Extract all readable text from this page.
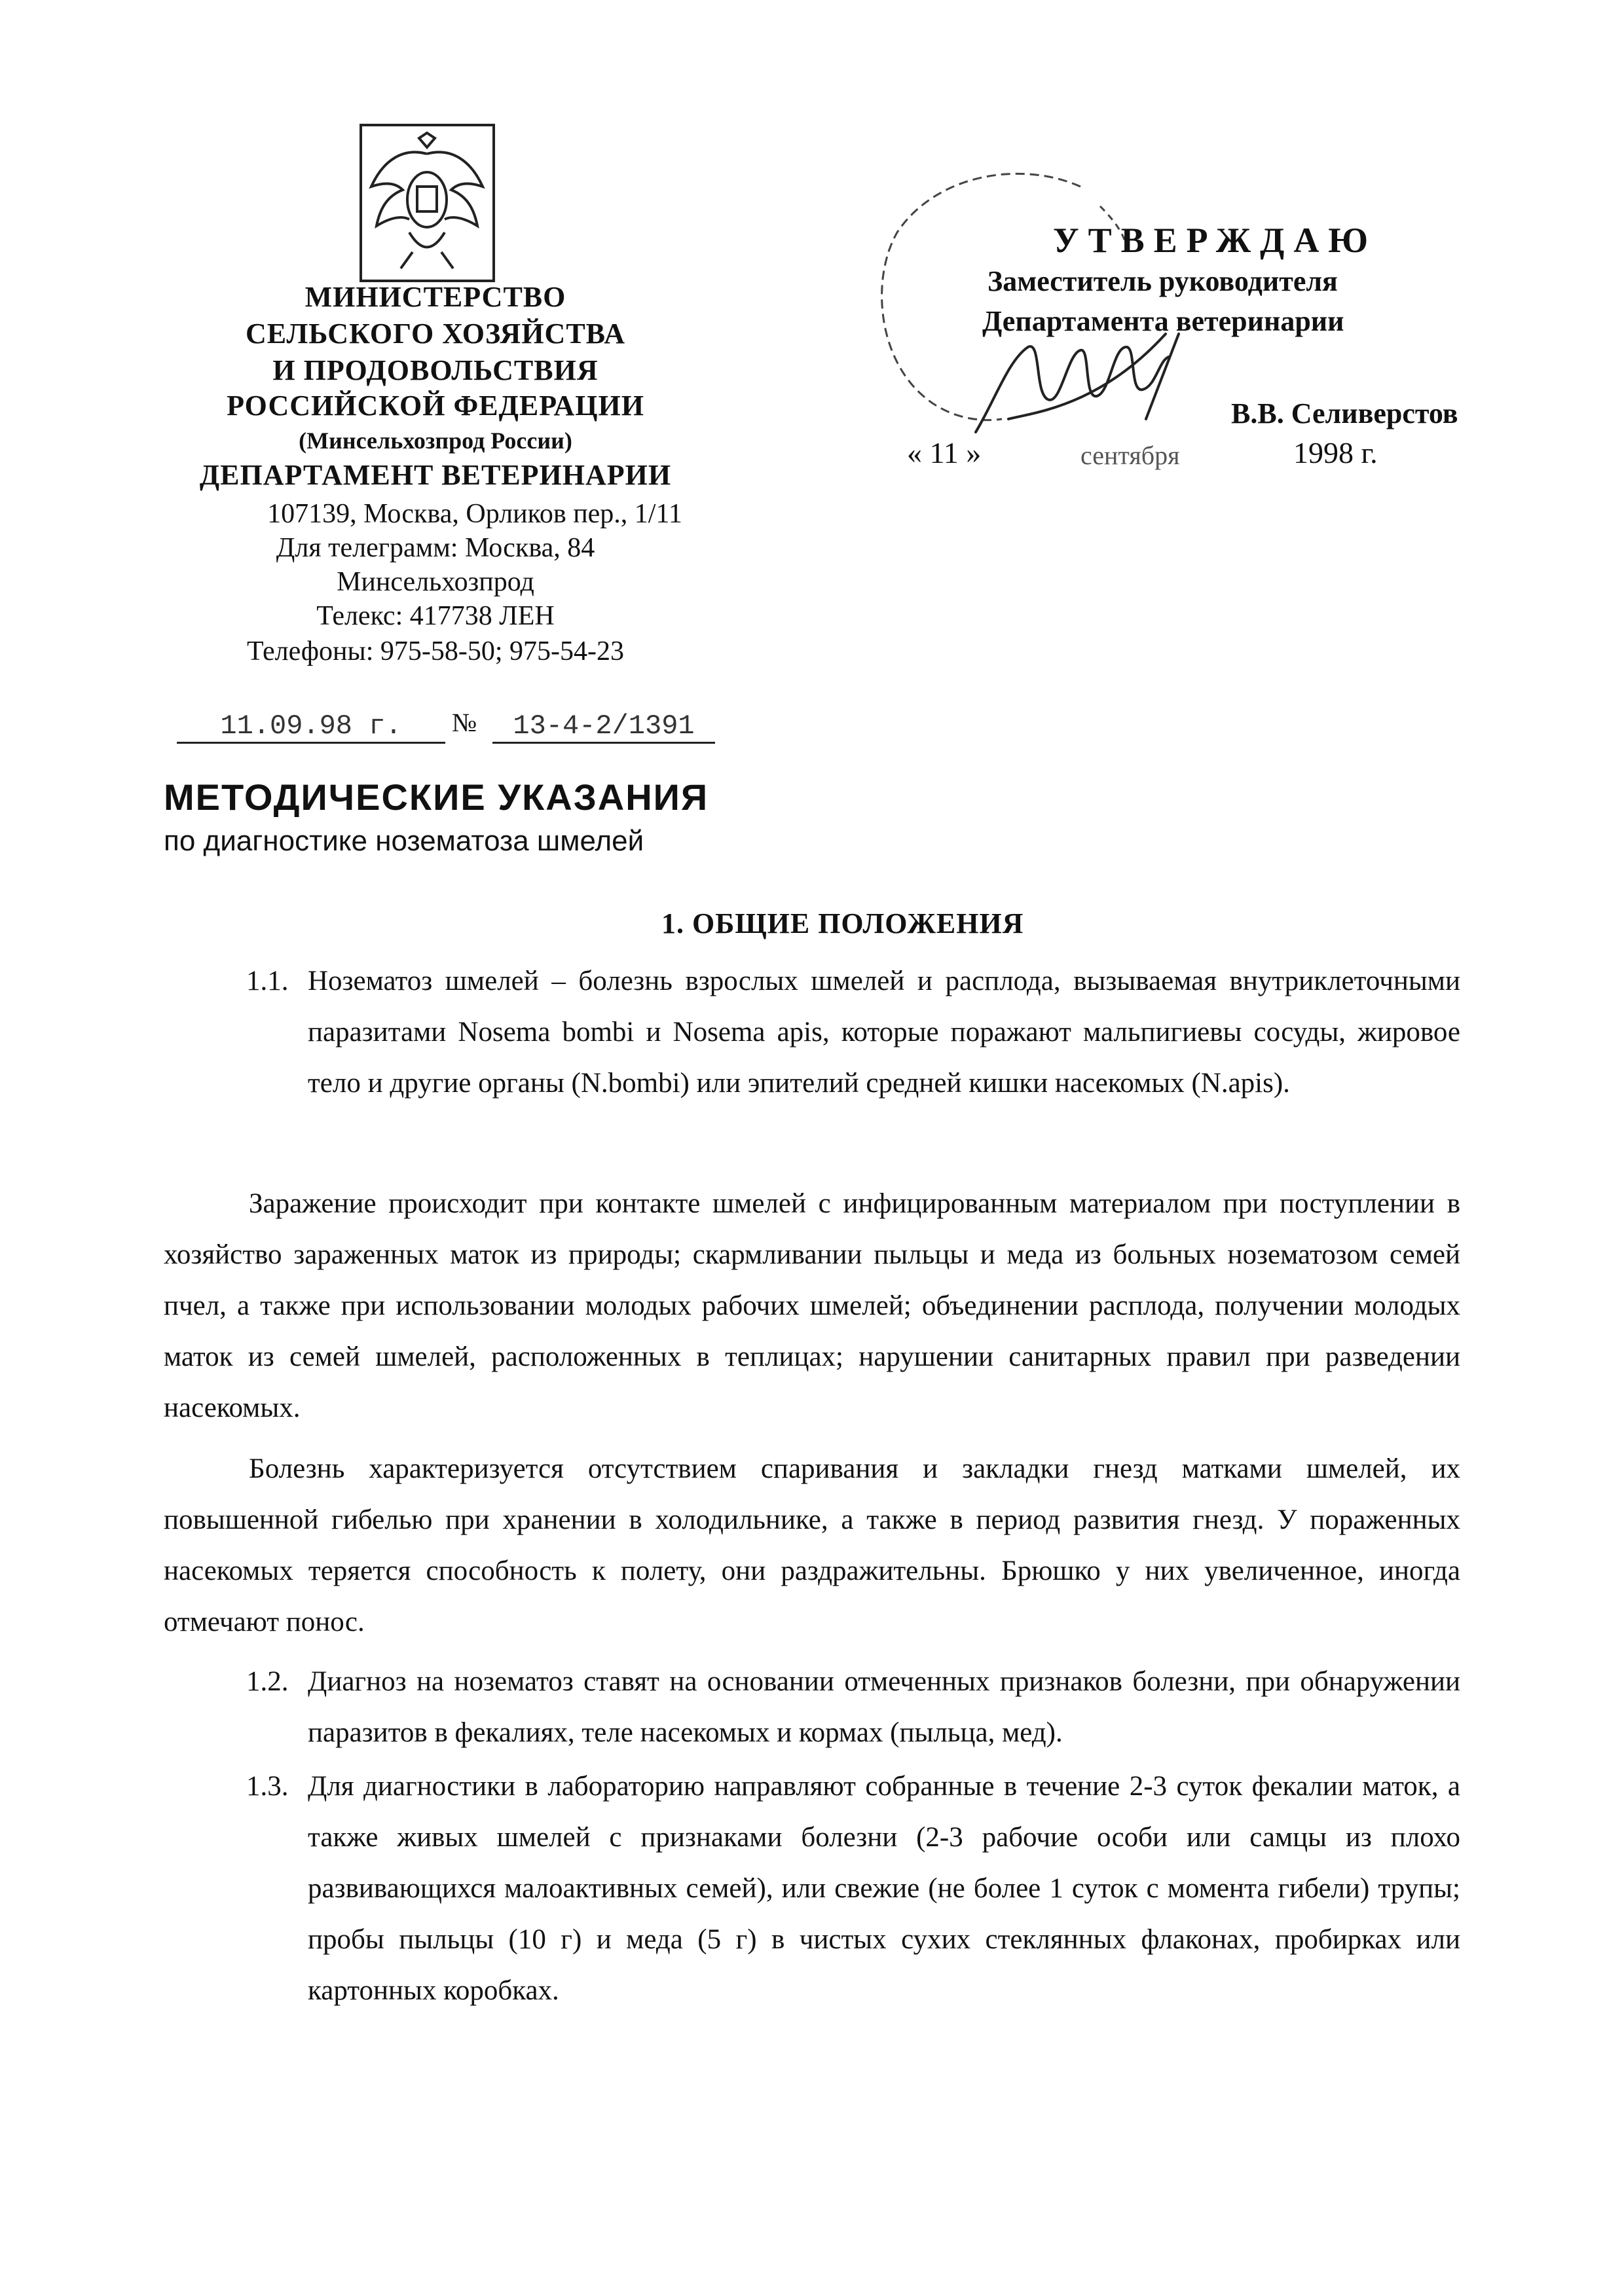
МИНИСТЕРСТВО
СЕЛЬСКОГО ХОЗЯЙСТВА
И ПРОДОВОЛЬСТВИЯ
РОССИЙСКОЙ ФЕДЕРАЦИИ
(Минсельхозпрод России)
ДЕПАРТАМЕНТ ВЕТЕРИНАРИИ
107139, Москва, Орликов пер., 1/11
Для телеграмм: Москва, 84
Минсельхозпрод
Телекс: 417738 ЛЕН
Телефоны: 975-58-50; 975-54-23
УТВЕРЖДАЮ
Заместитель руководителя
Департамента ветеринарии
В.В. Селиверстов
« 11 »	сентября	1998 г.
11.09.98 г.	№	13-4-2/1391
МЕТОДИЧЕСКИЕ УКАЗАНИЯ
по диагностике нозематоза шмелей
1. ОБЩИЕ ПОЛОЖЕНИЯ
1.1. Нозематоз шмелей – болезнь взрослых шмелей и расплода, вызываемая внутриклеточными паразитами Nosema bombi и Nosema apis, которые поражают мальпигиевы сосуды, жировое тело и другие органы (N.bombi) или эпителий средней кишки насекомых (N.apis).
Заражение происходит при контакте шмелей с инфицированным материалом при поступлении в хозяйство зараженных маток из природы; скармливании пыльцы и меда из больных нозематозом семей пчел, а также при использовании молодых рабочих шмелей; объединении расплода, получении молодых маток из семей шмелей, расположенных в теплицах; нарушении санитарных правил при разведении насекомых.
Болезнь характеризуется отсутствием спаривания и закладки гнезд матками шмелей, их повышенной гибелью при хранении в холодильнике, а также в период развития гнезд. У пораженных насекомых теряется способность к полету, они раздражительны. Брюшко у них увеличенное, иногда отмечают понос.
1.2. Диагноз на нозематоз ставят на основании отмеченных признаков болезни, при обнаружении паразитов в фекалиях, теле насекомых и кормах (пыльца, мед).
1.3. Для диагностики в лабораторию направляют собранные в течение 2-3 суток фекалии маток, а также живых шмелей с признаками болезни (2-3 рабочие особи или самцы из плохо развивающихся малоактивных семей), или свежие (не более 1 суток с момента гибели) трупы; пробы пыльцы (10 г) и меда (5 г) в чистых сухих стеклянных флаконах, пробирках или картонных коробках.
